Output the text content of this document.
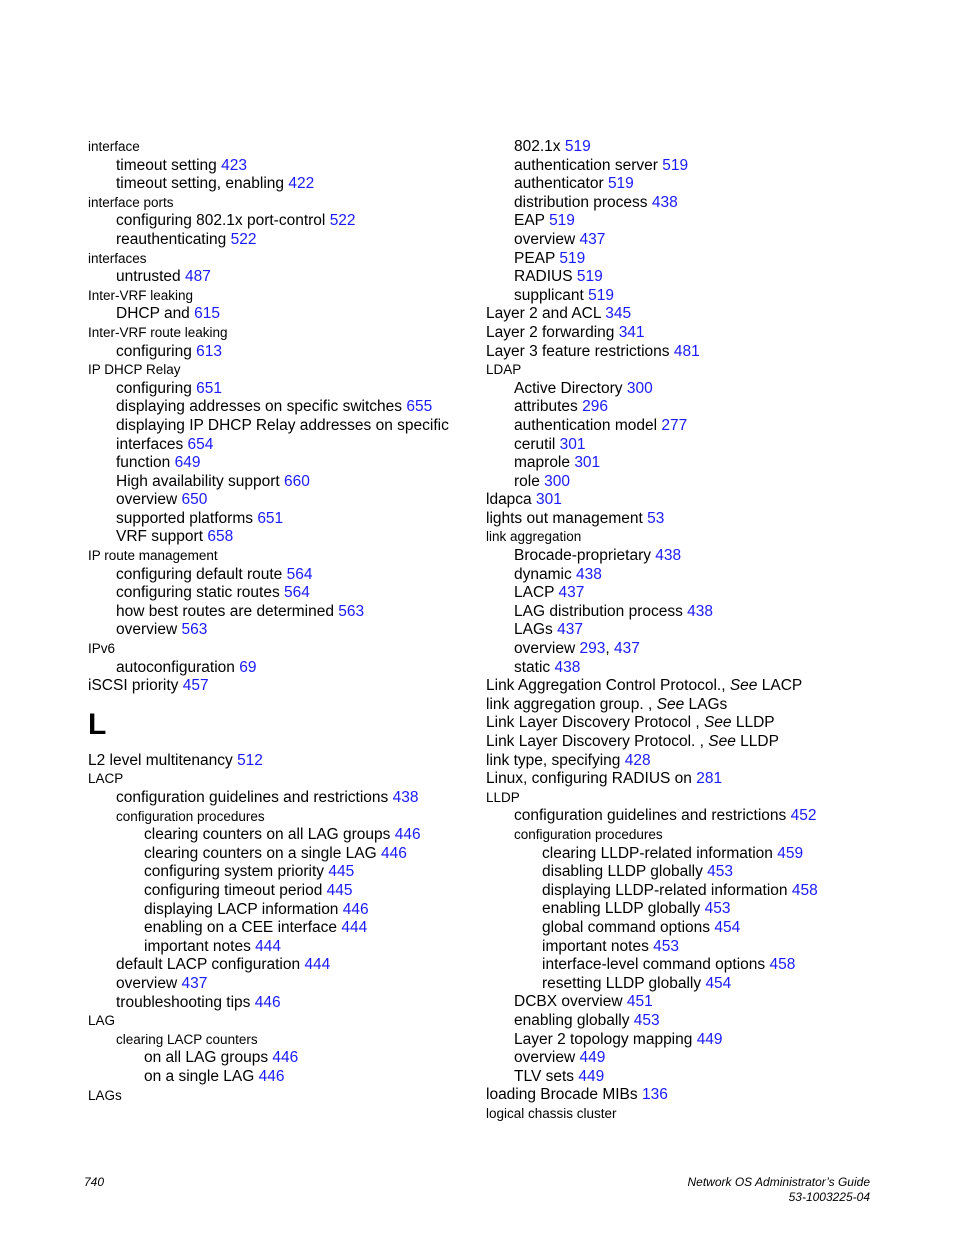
interface
timeout setting 423
timeout setting, enabling 422
interface ports
configuring 802.1x port-control 522
reauthenticating 522
interfaces
untrusted 487
Inter-VRF leaking
DHCP and 615
Inter-VRF route leaking
configuring 613
IP DHCP Relay
configuring 651
displaying addresses on specific switches 655
displaying IP DHCP Relay addresses on specific
interfaces 654
function 649
High availability support 660
overview 650
supported platforms 651
VRF support 658
IP route management
configuring default route 564
configuring static routes 564
how best routes are determined 563
overview 563
IPv6
autoconfiguration 69
iSCSI priority 457
L
L2 level multitenancy 512
LACP
configuration guidelines and restrictions 438
configuration procedures
clearing counters on all LAG groups 446
clearing counters on a single LAG 446
configuring system priority 445
configuring timeout period 445
displaying LACP information 446
enabling on a CEE interface 444
important notes 444
default LACP configuration 444
overview 437
troubleshooting tips 446
LAG
clearing LACP counters
on all LAG groups 446
on a single LAG 446
LAGs
802.1x 519
authentication server 519
authenticator 519
distribution process 438
EAP 519
overview 437
PEAP 519
RADIUS 519
supplicant 519
Layer 2 and ACL 345
Layer 2 forwarding 341
Layer 3 feature restrictions 481
LDAP
Active Directory 300
attributes 296
authentication model 277
cerutil 301
maprole 301
role 300
ldapca 301
lights out management 53
link aggregation
Brocade-proprietary 438
dynamic 438
LACP 437
LAG distribution process 438
LAGs 437
overview 293, 437
static 438
Link Aggregation Control Protocol., See LACP
link aggregation group. , See LAGs
Link Layer Discovery Protocol , See LLDP
Link Layer Discovery Protocol. , See LLDP
link type, specifying 428
Linux, configuring RADIUS on 281
LLDP
configuration guidelines and restrictions 452
configuration procedures
clearing LLDP-related information 459
disabling LLDP globally 453
displaying LLDP-related information 458
enabling LLDP globally 453
global command options 454
important notes 453
interface-level command options 458
resetting LLDP globally 454
DCBX overview 451
enabling globally 453
Layer 2 topology mapping 449
overview 449
TLV sets 449
loading Brocade MIBs 136
logical chassis cluster
740	Network OS Administrator’s Guide
53-1003225-04
